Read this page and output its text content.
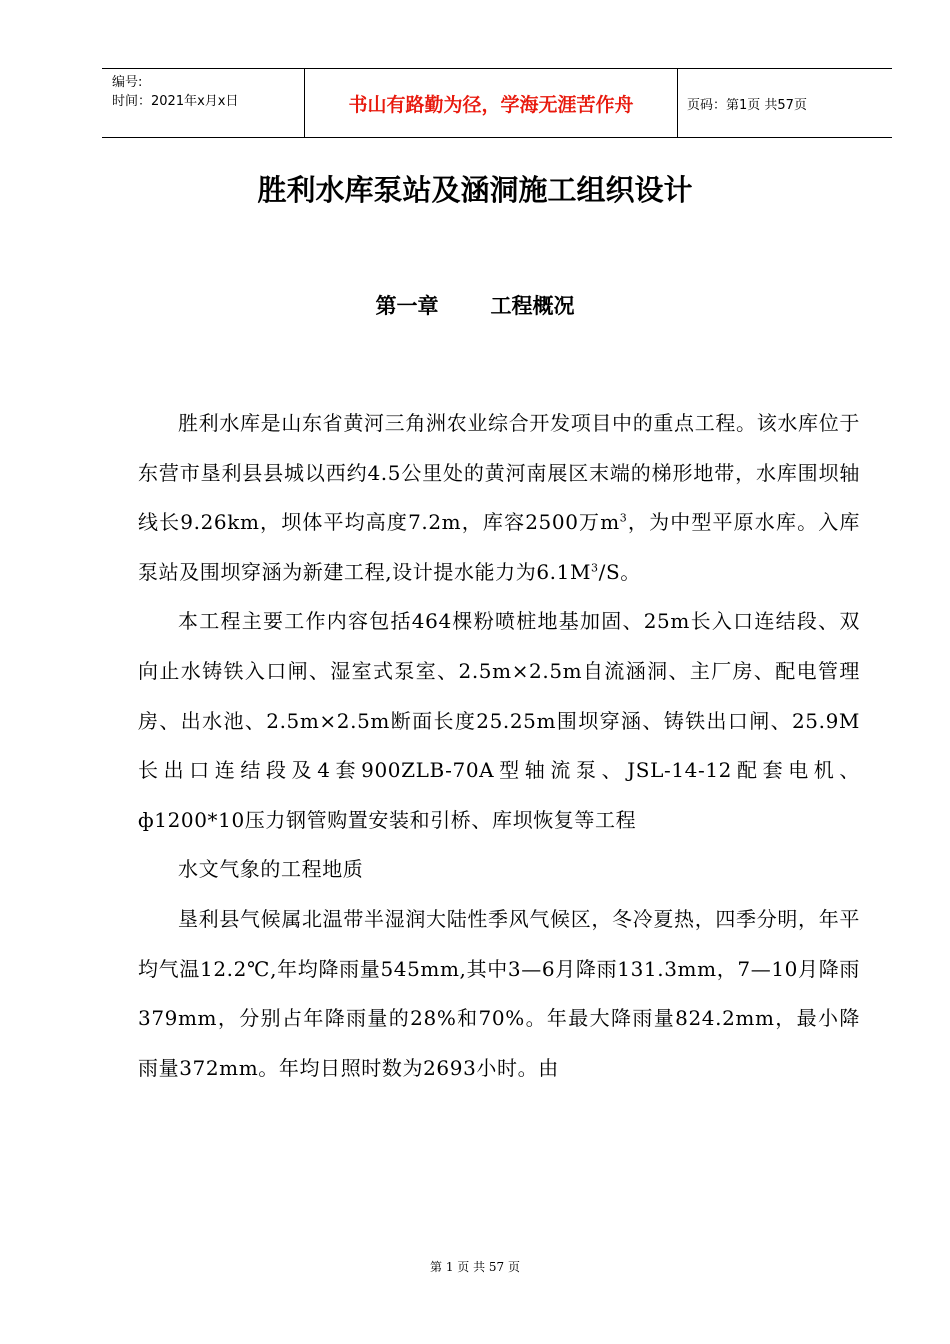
编号:
时间：2021年x月x日	书山有路勤为径，学海无涯苦作舟	页码：第1页 共57页
胜利水库泵站及涵洞施工组织设计
第一章 工程概况

胜利水库是山东省黄河三角洲农业综合开发项目中的重点工程。该水库位于东营市垦利县县城以西约4.5公里处的黄河南展区末端的梯形地带，水库围坝轴线长9.26km，坝体平均高度7.2m，库容2500万$m^3$，为中型平原水库。入库泵站及围坝穿涵为新建工程,设计提水能力为$6.1M^3/S$。

本工程主要工作内容包括464棵粉喷桩地基加固、25m长入口连结段、双向止水铸铁入口闸、湿室式泵室、2.5m×2.5m自流涵洞、主厂房、配电管理房、出水池、2.5m×2.5m断面长度25.25m围坝穿涵、铸铁出口闸、25.9M长出口连结段及4套900ZLB-70A型轴流泵、JSL-14-12配套电机、ф1200*10压力钢管购置安装和引桥、库坝恢复等工程

水文气象的工程地质

垦利县气候属北温带半湿润大陆性季风气候区，冬冷夏热，四季分明，年平均气温12.2℃,年均降雨量545mm,其中3—6月降雨131.3mm，7—10月降雨379mm，分别占年降雨量的28%和70%。年最大降雨量824.2mm，最小降雨量372mm。年均日照时数为2693小时。由

第 1 页 共 57 页
